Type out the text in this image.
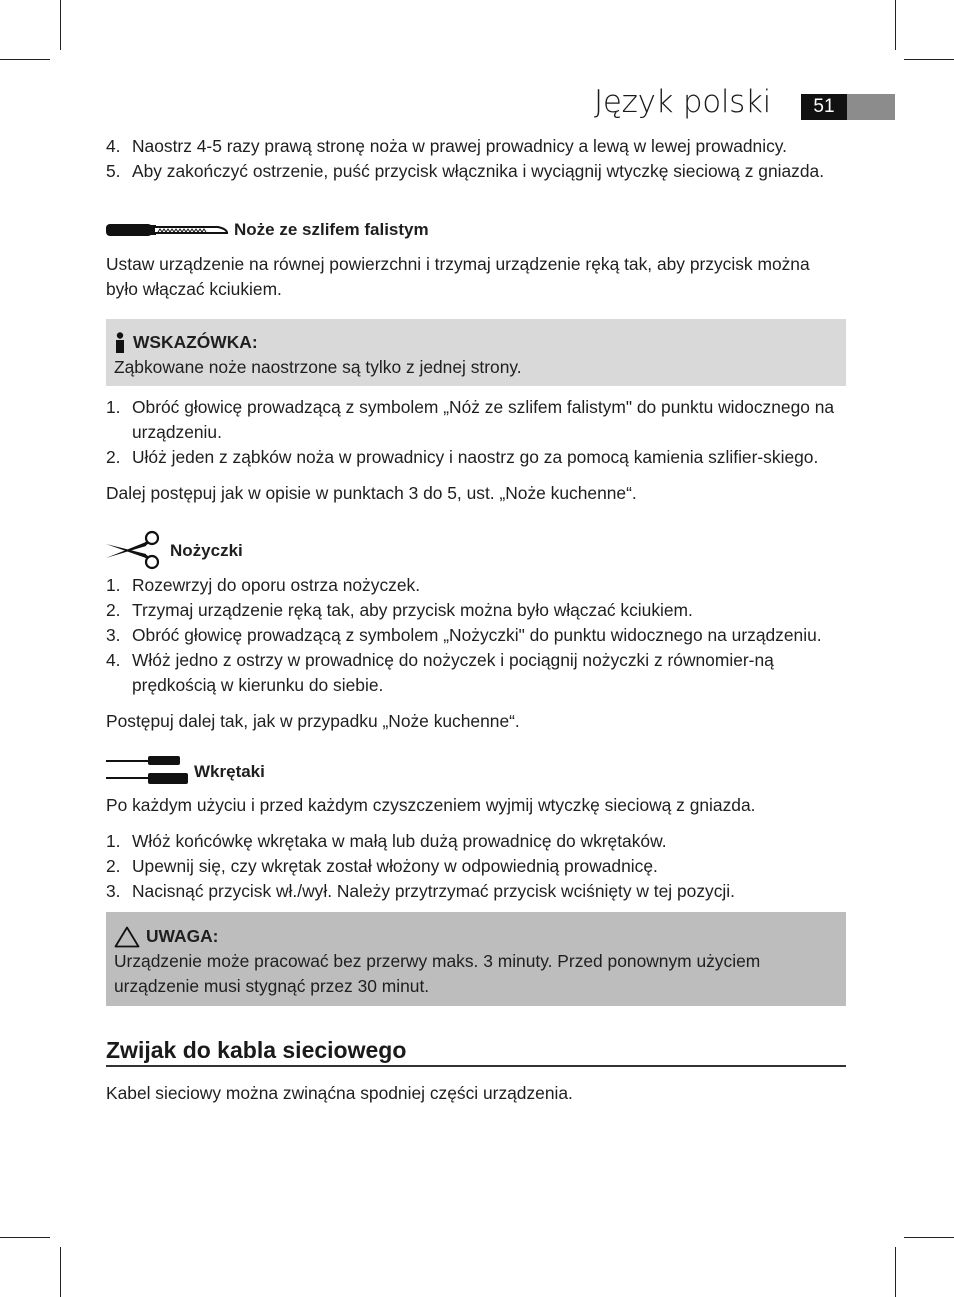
Język polski	51
4. Naostrz 4-5 razy prawą stronę noża w prawej prowadnicy a lewą w lewej prowadnicy.
5. Aby zakończyć ostrzenie, puść przycisk włącznika i wyciągnij wtyczkę sieciową z gniazda.
Noże ze szlifem falistym

Ustaw urządzenie na równej powierzchni i trzymaj urządzenie ręką tak, aby przycisk można było włączać kciukiem.

WSKAZÓWKA:

Ząbkowane noże naostrzone są tylko z jednej strony.

1. Obróć głowicę prowadzącą z symbolem „Nóż ze szlifem falistym" do punktu widocznego na urządzeniu.
2. Ułóż jeden z ząbków noża w prowadnicy i naostrz go za pomocą kamienia szlifier-skiego.

Dalej postępuj jak w opisie w punktach 3 do 5, ust. „Noże kuchenne“.

Nożyczki
1. Rozewrzyj do oporu ostrza nożyczek.
2. Trzymaj urządzenie ręką tak, aby przycisk można było włączać kciukiem.
3. Obróć głowicę prowadzącą z symbolem „Nożyczki" do punktu widocznego na urządzeniu.
4. Włóż jedno z ostrzy w prowadnicę do nożyczek i pociągnij nożyczki z równomier-ną prędkością w kierunku do siebie.

Postępuj dalej tak, jak w przypadku „Noże kuchenne“.

Wkrętaki

Po każdym użyciu i przed każdym czyszczeniem wyjmij wtyczkę sieciową z gniazda.

1. Włóż końcówkę wkrętaka w małą lub dużą prowadnicę do wkrętaków.
2. Upewnij się, czy wkrętak został włożony w odpowiednią prowadnicę.
3. Nacisnąć przycisk wł./wył. Należy przytrzymać przycisk wciśnięty w tej pozycji.
UWAGA:

Urządzenie może pracować bez przerwy maks. 3 minuty. Przed ponownym użyciem urządzenie musi stygnąć przez 30 minut.

Zwijak do kabla sieciowego

Kabel sieciowy można zwinąćna spodniej części urządzenia.
